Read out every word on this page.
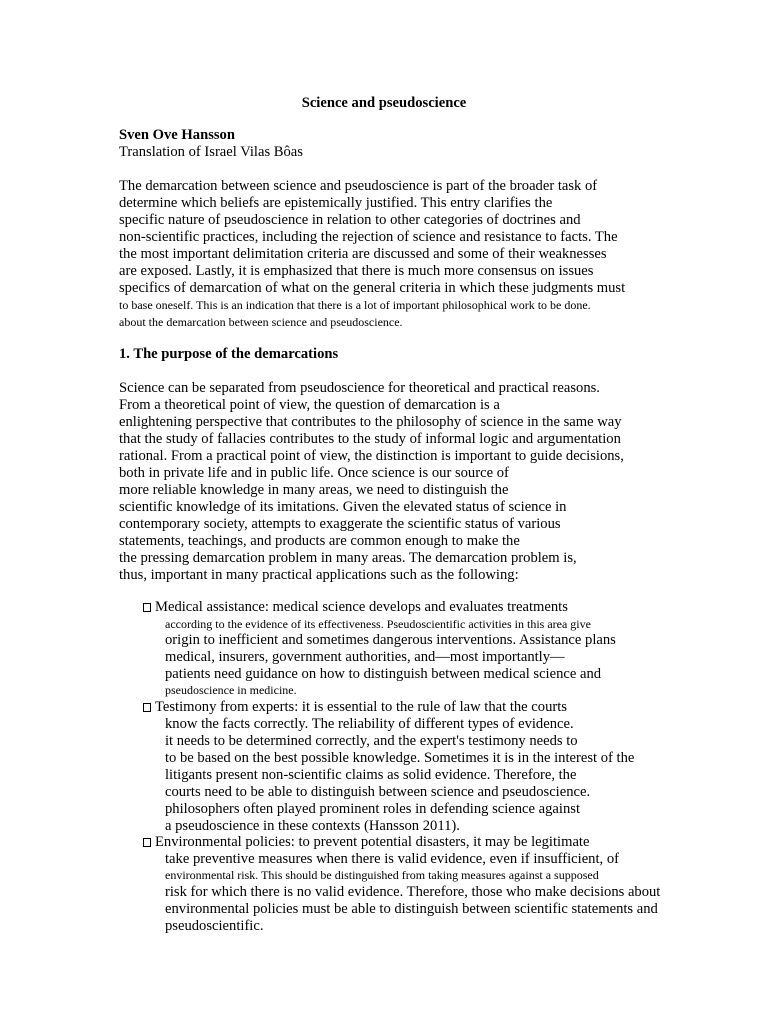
Science and pseudoscience
Sven Ove Hansson
Translation of Israel Vilas Bôas
The demarcation between science and pseudoscience is part of the broader task of
determine which beliefs are epistemically justified. This entry clarifies the
specific nature of pseudoscience in relation to other categories of doctrines and
non-scientific practices, including the rejection of science and resistance to facts. The
the most important delimitation criteria are discussed and some of their weaknesses
are exposed. Lastly, it is emphasized that there is much more consensus on issues
specifics of demarcation of what on the general criteria in which these judgments must
to base oneself. This is an indication that there is a lot of important philosophical work to be done.
about the demarcation between science and pseudoscience.
1. The purpose of the demarcations
Science can be separated from pseudoscience for theoretical and practical reasons.
From a theoretical point of view, the question of demarcation is a
enlightening perspective that contributes to the philosophy of science in the same way
that the study of fallacies contributes to the study of informal logic and argumentation
rational. From a practical point of view, the distinction is important to guide decisions,
both in private life and in public life. Once science is our source of
more reliable knowledge in many areas, we need to distinguish the
scientific knowledge of its imitations. Given the elevated status of science in
contemporary society, attempts to exaggerate the scientific status of various
statements, teachings, and products are common enough to make the
the pressing demarcation problem in many areas. The demarcation problem is,
thus, important in many practical applications such as the following:
Medical assistance: medical science develops and evaluates treatments
according to the evidence of its effectiveness. Pseudoscientific activities in this area give
origin to inefficient and sometimes dangerous interventions. Assistance plans
medical, insurers, government authorities, and—most importantly—
patients need guidance on how to distinguish between medical science and
pseudoscience in medicine.
Testimony from experts: it is essential to the rule of law that the courts
know the facts correctly. The reliability of different types of evidence.
it needs to be determined correctly, and the expert's testimony needs to
to be based on the best possible knowledge. Sometimes it is in the interest of the
litigants present non-scientific claims as solid evidence. Therefore, the
courts need to be able to distinguish between science and pseudoscience.
philosophers often played prominent roles in defending science against
a pseudoscience in these contexts (Hansson 2011).
Environmental policies: to prevent potential disasters, it may be legitimate
take preventive measures when there is valid evidence, even if insufficient, of
environmental risk. This should be distinguished from taking measures against a supposed
risk for which there is no valid evidence. Therefore, those who make decisions about
environmental policies must be able to distinguish between scientific statements and
pseudoscientific.
